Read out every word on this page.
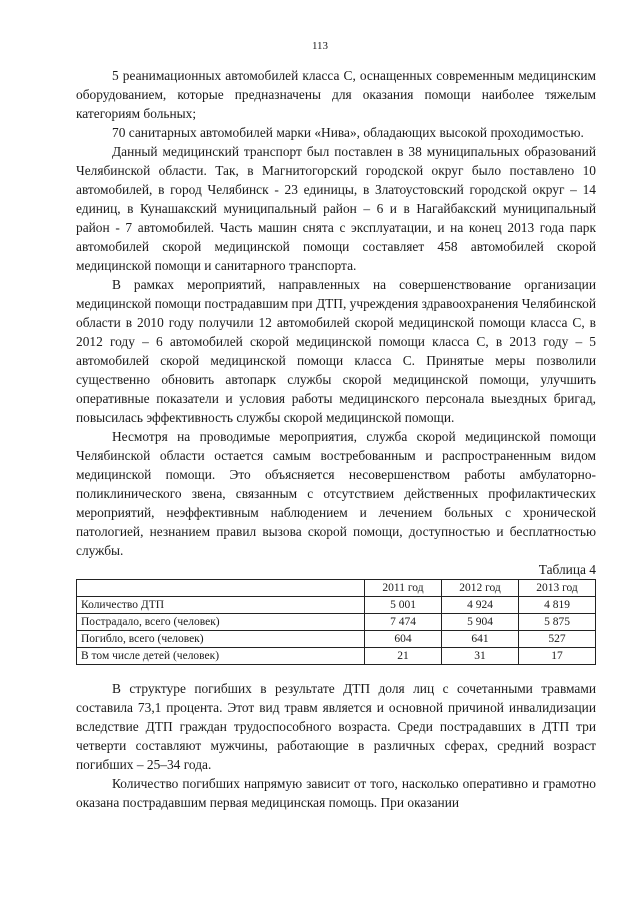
113

5 реанимационных автомобилей класса С, оснащенных современным медицинским оборудованием, которые предназначены для оказания помощи наиболее тяжелым категориям больных;

70 санитарных автомобилей марки «Нива», обладающих высокой проходимостью.

Данный медицинский транспорт был поставлен в 38 муниципальных образований Челябинской области. Так, в Магнитогорский городской округ было поставлено 10 автомобилей, в город Челябинск - 23 единицы, в Златоустовский городской округ – 14 единиц, в Кунашакский муниципальный район – 6 и в Нагайбакский муниципальный район - 7 автомобилей. Часть машин снята с эксплуатации, и на конец 2013 года парк автомобилей скорой медицинской помощи составляет 458 автомобилей скорой медицинской помощи и санитарного транспорта.

В рамках мероприятий, направленных на совершенствование организации медицинской помощи пострадавшим при ДТП, учреждения здравоохранения Челябинской области в 2010 году получили 12 автомобилей скорой медицинской помощи класса С, в 2012 году – 6 автомобилей скорой медицинской помощи класса С, в 2013 году – 5 автомобилей скорой медицинской помощи класса С. Принятые меры позволили существенно обновить автопарк службы скорой медицинской помощи, улучшить оперативные показатели и условия работы медицинского персонала выездных бригад, повысилась эффективность службы скорой медицинской помощи.

Несмотря на проводимые мероприятия, служба скорой медицинской помощи Челябинской области остается самым востребованным и распространенным видом медицинской помощи. Это объясняется несовершенством работы амбулаторно-поликлинического звена, связанным с отсутствием действенных профилактических мероприятий, неэффективным наблюдением и лечением больных с хронической патологией, незнанием правил вызова скорой помощи, доступностью и бесплатностью службы.

Таблица 4

	2011 год	2012 год	2013 год
Количество ДТП	5 001	4 924	4 819
Пострадало, всего (человек)	7 474	5 904	5 875
Погибло, всего (человек)	604	641	527
В том числе детей (человек)	21	31	17

В структуре погибших в результате ДТП доля лиц с сочетанными травмами составила 73,1 процента. Этот вид травм является и основной причиной инвалидизации вследствие ДТП граждан трудоспособного возраста. Среди пострадавших в ДТП три четверти составляют мужчины, работающие в различных сферах, средний возраст погибших – 25–34 года.

Количество погибших напрямую зависит от того, насколько оперативно и грамотно оказана пострадавшим первая медицинская помощь. При оказании
